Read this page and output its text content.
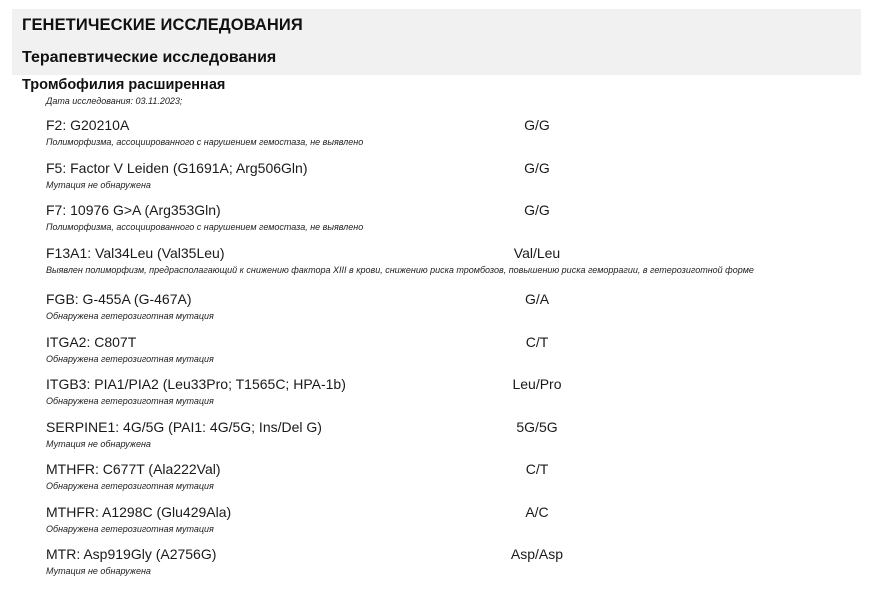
ГЕНЕТИЧЕСКИЕ ИССЛЕДОВАНИЯ
Терапевтические исследования
Тромбофилия расширенная
Дата исследования: 03.11.2023;
F2: G20210A	G/G
Полиморфизма, ассоциированного с нарушением гемостаза, не выявлено
F5: Factor V Leiden (G1691A; Arg506Gln)	G/G
Мутация не обнаружена
F7: 10976 G>A (Arg353Gln)	G/G
Полиморфизма, ассоциированного с нарушением гемостаза, не выявлено
F13A1: Val34Leu (Val35Leu)	Val/Leu
Выявлен полиморфизм, предрасполагающий к снижению фактора XIII в крови, снижению риска тромбозов, повышению риска геморрагии, в гетерозиготной форме
FGB: G-455A (G-467A)	G/A
Обнаружена гетерозиготная мутация
ITGA2: C807T	C/T
Обнаружена гетерозиготная мутация
ITGB3: PIA1/PIA2 (Leu33Pro; T1565C; HPA-1b)	Leu/Pro
Обнаружена гетерозиготная мутация
SERPINE1: 4G/5G (PAI1: 4G/5G; Ins/Del G)	5G/5G
Мутация не обнаружена
MTHFR: C677T (Ala222Val)	C/T
Обнаружена гетерозиготная мутация
MTHFR: A1298C (Glu429Ala)	A/C
Обнаружена гетерозиготная мутация
MTR: Asp919Gly (A2756G)	Asp/Asp
Мутация не обнаружена
